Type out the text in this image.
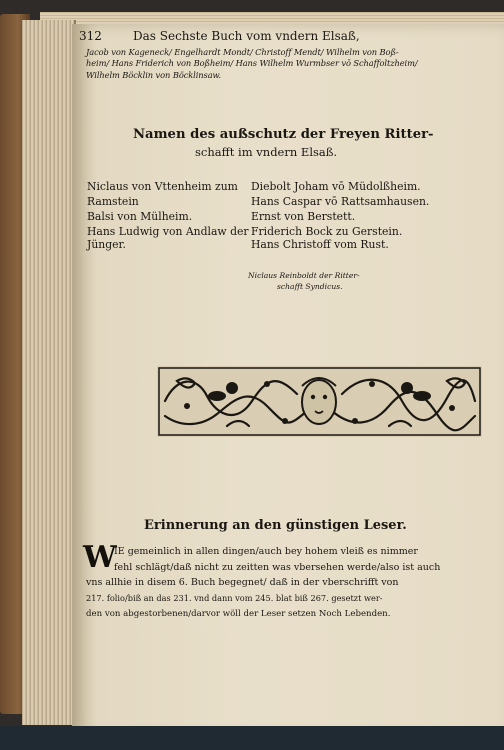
312	Das Sechste Buch vom vndern Elsaß,
Jacob von Kageneck/ Engelhardt Mondt/ Christoff Mendt/ Wilhelm von Boß-
heim/ Hans Friderich von Boßheim/ Hans Wilhelm Wurmbser vō Schaffoltzheim/
Wilhelm Böcklin von Böcklinsaw.
Namen des außschutz der Freyen Ritter-
schafft im vndern Elsaß.
Niclaus von Vttenheim zum
Ramstein
Balsi von Mülheim.
Hans Ludwig von Andlaw der
Jünger.
Diebolt Joham vō Müdolßheim.
Hans Caspar vō Rattsamhausen.
Ernst von Berstett.
Friderich Bock zu Gerstein.
Hans Christoff vom Rust.
Niclaus Reinboldt der Ritter-
schafft Syndicus.
Erinnerung an den günstigen Leser.
W
IE gemeinlich in allen dingen/auch bey hohem vleiß es nimmer
fehl schlägt/daß nicht zu zeitten was vbersehen werde/also ist auch
vns allhie in disem 6. Buch begegnet/ daß in der vberschrifft von
217. folio/biß an das 231. vnd dann vom 245. blat biß 267. gesetzt wer-
den von abgestorbenen/darvor wöll der Leser setzen Noch Lebenden.
